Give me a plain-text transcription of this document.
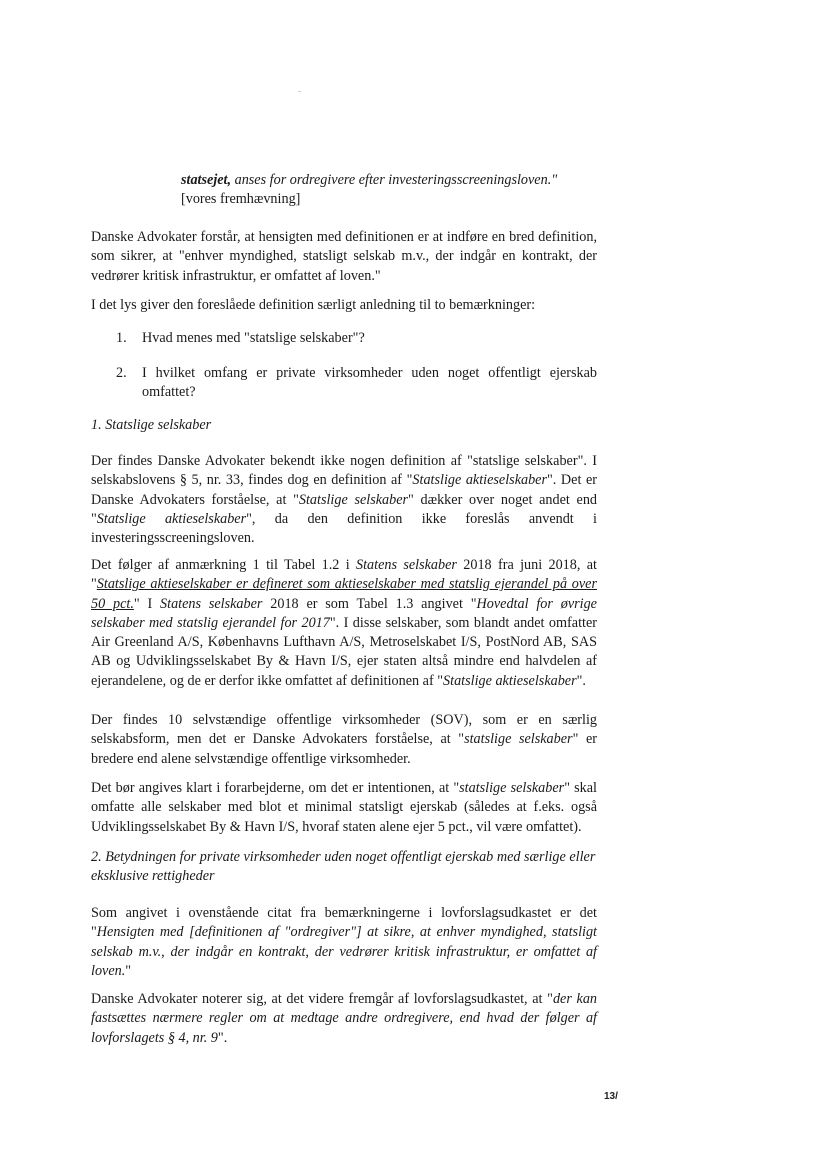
statsejet, anses for ordregivere efter investeringsscreeningsloven."

[vores fremhævning]

Danske Advokater forstår, at hensigten med definitionen er at indføre en bred definition, som sikrer, at "enhver myndighed, statsligt selskab m.v., der indgår en kontrakt, der vedrører kritisk infrastruktur, er omfattet af loven."

I det lys giver den foreslåede definition særligt anledning til to bemærkninger:

1. Hvad menes med "statslige selskaber"?

2. I hvilket omfang er private virksomheder uden noget offentligt ejerskab omfattet?

1. Statslige selskaber

Der findes Danske Advokater bekendt ikke nogen definition af "statslige selskaber". I selskabslovens § 5, nr. 33, findes dog en definition af "Statslige aktieselskaber". Det er Danske Advokaters forståelse, at "Statslige selskaber" dækker over noget andet end "Statslige aktieselskaber", da den definition ikke foreslås anvendt i investeringsscreeningsloven.

Det følger af anmærkning 1 til Tabel 1.2 i Statens selskaber 2018 fra juni 2018, at "Statslige aktieselskaber er defineret som aktieselskaber med statslig ejerandel på over 50 pct." I Statens selskaber 2018 er som Tabel 1.3 angivet "Hovedtal for øvrige selskaber med statslig ejerandel for 2017". I disse selskaber, som blandt andet omfatter Air Greenland A/S, Københavns Lufthavn A/S, Metroselskabet I/S, PostNord AB, SAS AB og Udviklingsselskabet By & Havn I/S, ejer staten altså mindre end halvdelen af ejerandelene, og de er derfor ikke omfattet af definitionen af "Statslige aktieselskaber".

Der findes 10 selvstændige offentlige virksomheder (SOV), som er en særlig selskabsform, men det er Danske Advokaters forståelse, at "statslige selskaber" er bredere end alene selvstændige offentlige virksomheder.

Det bør angives klart i forarbejderne, om det er intentionen, at "statslige selskaber" skal omfatte alle selskaber med blot et minimal statsligt ejerskab (således at f.eks. også Udviklingsselskabet By & Havn I/S, hvoraf staten alene ejer 5 pct., vil være omfattet).

2. Betydningen for private virksomheder uden noget offentligt ejerskab med særlige eller eksklusive rettigheder

Som angivet i ovenstående citat fra bemærkningerne i lovforslagsudkastet er det "Hensigten med [definitionen af "ordregiver"] at sikre, at enhver myndighed, statsligt selskab m.v., der indgår en kontrakt, der vedrører kritisk infrastruktur, er omfattet af loven."

Danske Advokater noterer sig, at det videre fremgår af lovforslagsudkastet, at "der kan fastsættes nærmere regler om at medtage andre ordregivere, end hvad der følger af lovforslagets § 4, nr. 9".

13/
